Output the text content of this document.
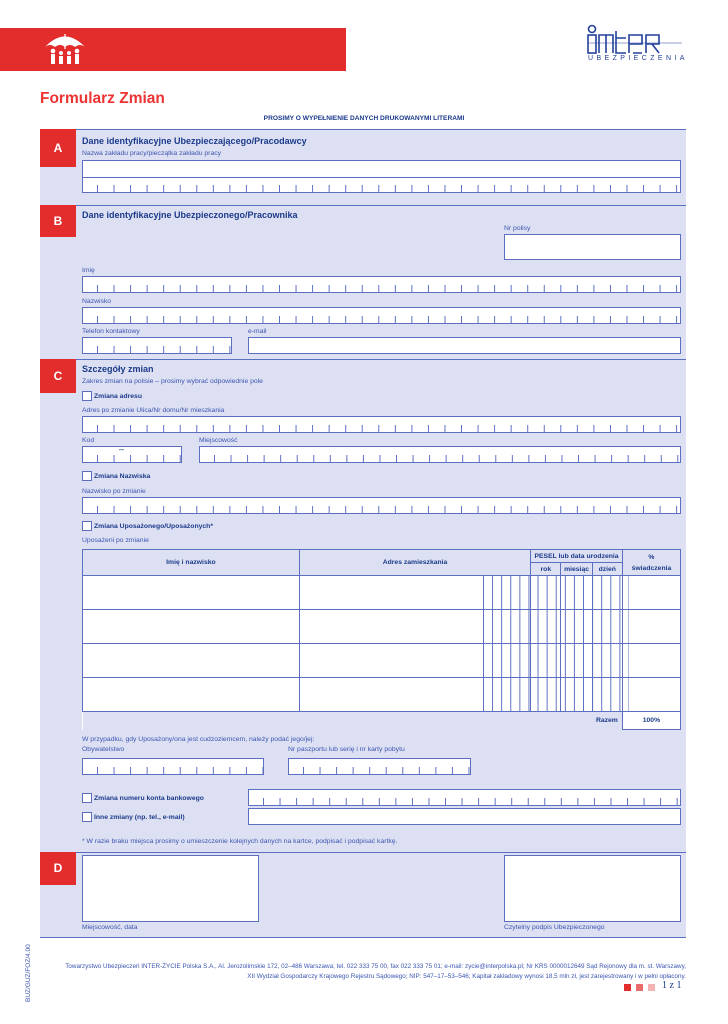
UBEZPIECZENIA
Formularz Zmian
PROSIMY O WYPEŁNIENIE DANYCH DRUKOWANYMI LITERAMI
A	Dane identyfikacyjne Ubezpieczającego/Pracodawcy
Nazwa zakładu pracy/pieczątka zakładu pracy
B	Dane identyfikacyjne Ubezpieczonego/Pracownika
Nr polisy
Imię
Nazwisko
Telefon kontaktowy	e-mail
C	Szczegóły zmian
Zakres zmian na polisie – prosimy wybrać odpowiednie pole
Zmiana adresu
Adres po zmianie Ulica/Nr domu/Nr mieszkania
Kod	Miejscowość
–
Zmiana Nazwiska
Nazwisko po zmianie
Zmiana Uposażonego/Uposażonych*
Uposażeni po zmianie
Imię i nazwisko	Adres zamieszkania	PESEL lub data urodzenia			%
świadczenia
		rok	miesiąc	dzień	

Razem					100%
W przypadku, gdy Uposażony/ona jest cudzoziemcem, należy podać jego/jej:
Obywatelstwo	Nr paszportu lub serię i nr karty pobytu
Zmiana numeru konta bankowego
Inne zmiany (np. tel., e-mail)
* W razie braku miejsca prosimy o umieszczenie kolejnych danych na kartce, podpisać i podpisać kartkę.
D
Miejscowość, data	Czytelny podpis Ubezpieczonego
BUZ/GUZ/FOZ/4.00	Towarzystwo Ubezpieczeń INTER-ŻYCIE Polska S.A., Al. Jerozolimskie 172, 02–486 Warszawa; tel. 022 333 75 00, fax 022 333 75 01; e-mail: zycie@interpolska.pl; Nr KRS 0000012649 Sąd Rejonowy dla m. st. Warszawy,
XII Wydział Gospodarczy Krajowego Rejestru Sądowego; NIP: 547–17–53–546; Kapitał zakładowy wynosi 18,5 mln zł, jest zarejestrowany i w pełni opłacony.
1 z 1
